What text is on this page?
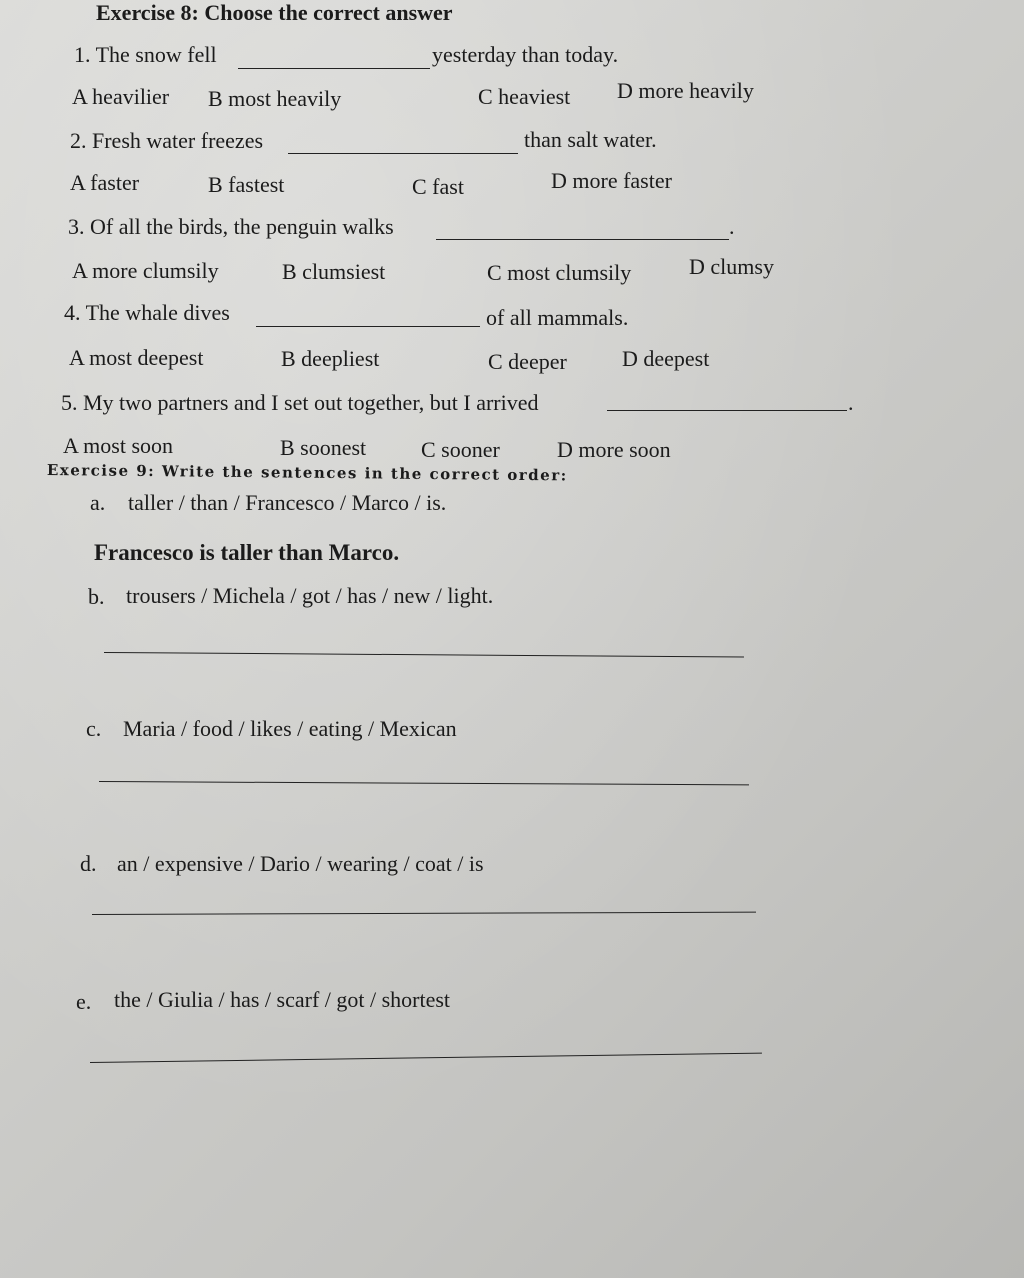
Exercise 8: Choose the correct answer
1. The snow fell	yesterday than today.
A heavilier B most heavily	C heaviest D more heavily
2. Fresh water freezes	than salt water.
A faster	B fastest	C fast	D more faster
3. Of all the birds, the penguin walks	.
A more clumsily	B clumsiest	C most clumsily	D clumsy
4. The whale dives	of all mammals.
A most deepest	B deepliest	C deeper	D deepest
5. My two partners and I set out together, but I arrived	.
A most soon	B soonest C sooner	D more soon
Exercise 9: Write the sentences in the correct order:
a. taller / than / Francesco / Marco / is.
Francesco is taller than Marco.
b. trousers / Michela / got / has / new / light.
c. Maria / food / likes / eating / Mexican
d. an / expensive / Dario / wearing / coat / is
e. the / Giulia / has / scarf / got / shortest
